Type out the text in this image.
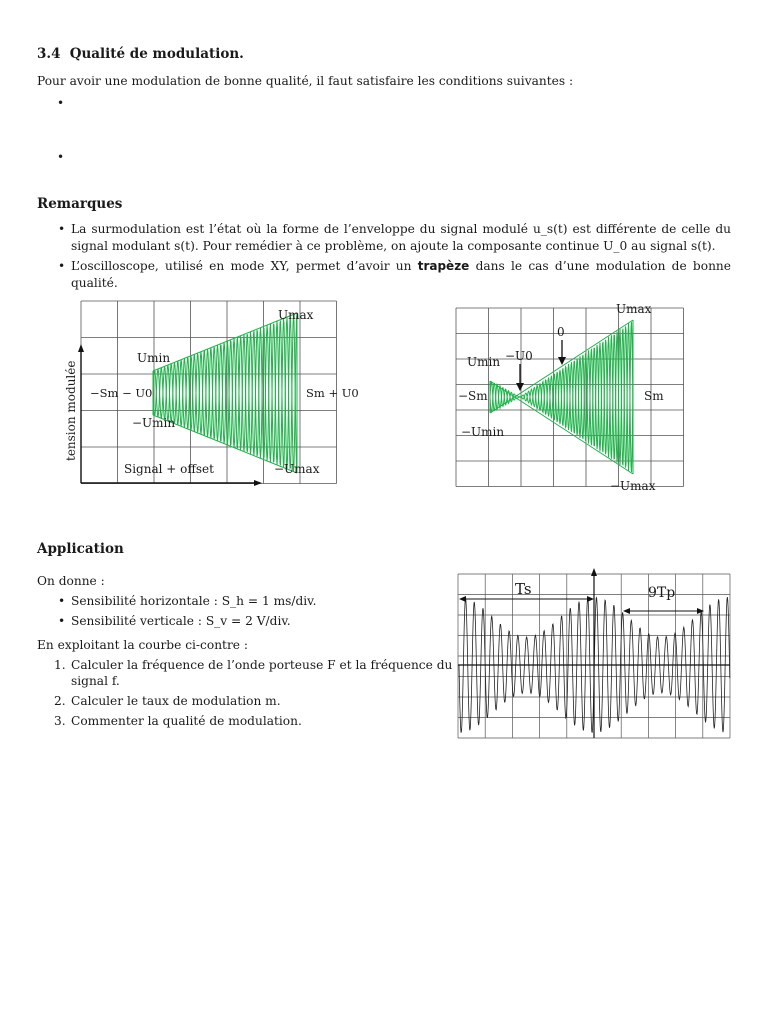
3.4 Qualité de modulation.
Pour avoir une modulation de bonne qualité, il faut satisfaire les conditions suivantes :
•
•
Remarques
• La surmodulation est l’état où la forme de l’enveloppe du signal modulé u_s(t) est différente de celle du signal modulant s(t). Pour remédier à ce problème, on ajoute la composante continue U_0 au signal s(t).
• L’oscilloscope, utilisé en mode XY, permet d’avoir un trapèze dans le cas d’une modulation de bonne qualité.
tension modulée
Umax
Umin
−Sm − U0	Sm + U0
−Umin
Signal + offset	−Umax
Umax
0
−U0
Umin
−Sm	Sm
−Umin
−Umax
Application
On donne :
• Sensibilité horizontale : S_h = 1 ms/div.
• Sensibilité verticale : S_v = 2 V/div.
En exploitant la courbe ci-contre :
1. Calculer la fréquence de l’onde porteuse F et la fréquence du signal f.
2. Calculer le taux de modulation m.
3. Commenter la qualité de modulation.
Ts	9Tp
